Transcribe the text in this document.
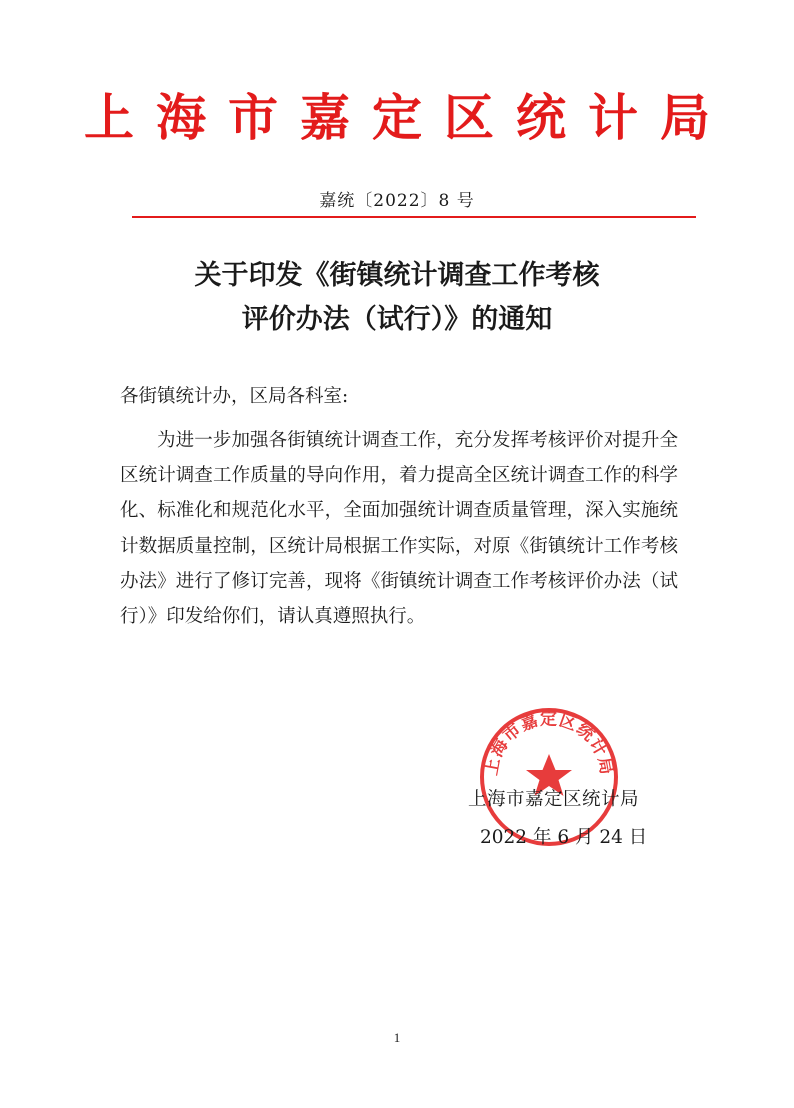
上海市嘉定区统计局
嘉统〔2022〕8 号
关于印发《街镇统计调查工作考核
评价办法（试行）》的通知
各街镇统计办，区局各科室:
为进一步加强各街镇统计调查工作，充分发挥考核评价对提升全区统计调查工作质量的导向作用，着力提高全区统计调查工作的科学化、标准化和规范化水平，全面加强统计调查质量管理，深入实施统计数据质量控制，区统计局根据工作实际，对原《街镇统计工作考核办法》进行了修订完善，现将《街镇统计调查工作考核评价办法（试行）》印发给你们，请认真遵照执行。
上海市嘉定区统计局
上海市嘉定区统计局
2022 年 6 月 24 日
1
